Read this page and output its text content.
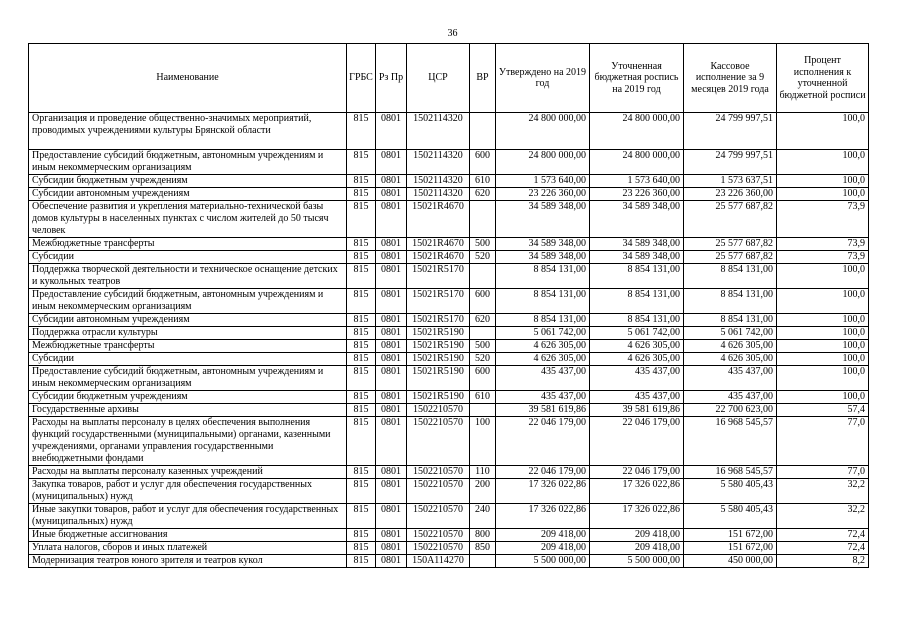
36
Наименование	ГРБС	Рз Пр	ЦСР	ВР	Утверждено на 2019 год	Уточненная бюджетная роспись на 2019 год	Кассовое исполнение за 9 месяцев 2019 года	Процент исполнения к уточненной бюджетной росписи
Организация и проведение общественно-значимых мероприятий, проводимых учреждениями культуры Брянской области	815	0801	1502114320		24 800 000,00	24 800 000,00	24 799 997,51	100,0
Предоставление субсидий бюджетным, автономным учреждениям и иным некоммерческим организациям	815	0801	1502114320	600	24 800 000,00	24 800 000,00	24 799 997,51	100,0
Субсидии бюджетным учреждениям	815	0801	1502114320	610	1 573 640,00	1 573 640,00	1 573 637,51	100,0
Субсидии автономным учреждениям	815	0801	1502114320	620	23 226 360,00	23 226 360,00	23 226 360,00	100,0
Обеспечение развития и укрепления материально-технической базы домов культуры в населенных пунктах с числом жителей до 50 тысяч человек	815	0801	15021R4670		34 589 348,00	34 589 348,00	25 577 687,82	73,9
Межбюджетные трансферты	815	0801	15021R4670	500	34 589 348,00	34 589 348,00	25 577 687,82	73,9
Субсидии	815	0801	15021R4670	520	34 589 348,00	34 589 348,00	25 577 687,82	73,9
Поддержка творческой деятельности и техническое оснащение детских и кукольных театров	815	0801	15021R5170		8 854 131,00	8 854 131,00	8 854 131,00	100,0
Предоставление субсидий бюджетным, автономным учреждениям и иным некоммерческим организациям	815	0801	15021R5170	600	8 854 131,00	8 854 131,00	8 854 131,00	100,0
Субсидии автономным учреждениям	815	0801	15021R5170	620	8 854 131,00	8 854 131,00	8 854 131,00	100,0
Поддержка отрасли культуры	815	0801	15021R5190		5 061 742,00	5 061 742,00	5 061 742,00	100,0
Межбюджетные трансферты	815	0801	15021R5190	500	4 626 305,00	4 626 305,00	4 626 305,00	100,0
Субсидии	815	0801	15021R5190	520	4 626 305,00	4 626 305,00	4 626 305,00	100,0
Предоставление субсидий бюджетным, автономным учреждениям и иным некоммерческим организациям	815	0801	15021R5190	600	435 437,00	435 437,00	435 437,00	100,0
Субсидии бюджетным учреждениям	815	0801	15021R5190	610	435 437,00	435 437,00	435 437,00	100,0
Государственные архивы	815	0801	1502210570		39 581 619,86	39 581 619,86	22 700 623,00	57,4
Расходы на выплаты персоналу в целях обеспечения выполнения функций государственными (муниципальными) органами, казенными учреждениями, органами управления государственными внебюджетными фондами	815	0801	1502210570	100	22 046 179,00	22 046 179,00	16 968 545,57	77,0
Расходы на выплаты персоналу казенных учреждений	815	0801	1502210570	110	22 046 179,00	22 046 179,00	16 968 545,57	77,0
Закупка товаров, работ и услуг для обеспечения государственных (муниципальных) нужд	815	0801	1502210570	200	17 326 022,86	17 326 022,86	5 580 405,43	32,2
Иные закупки товаров, работ и услуг для обеспечения государственных (муниципальных) нужд	815	0801	1502210570	240	17 326 022,86	17 326 022,86	5 580 405,43	32,2
Иные бюджетные ассигнования	815	0801	1502210570	800	209 418,00	209 418,00	151 672,00	72,4
Уплата налогов, сборов и иных платежей	815	0801	1502210570	850	209 418,00	209 418,00	151 672,00	72,4
Модернизация театров юного зрителя и театров кукол	815	0801	150А114270		5 500 000,00	5 500 000,00	450 000,00	8,2
